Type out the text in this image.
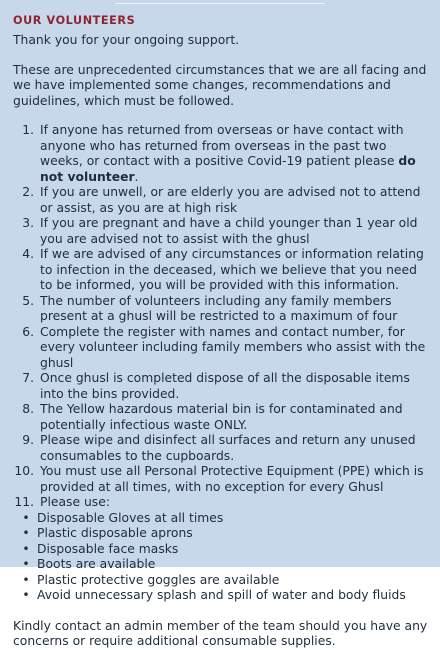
OUR VOLUNTEERS

Thank you for your ongoing support.

These are unprecedented circumstances that we are all facing and we have implemented some changes, recommendations and guidelines, which must be followed.

1. If anyone has returned from overseas or have contact with anyone who has returned from overseas in the past two weeks, or contact with a positive Covid-19 patient please do not volunteer.
2. If you are unwell, or are elderly you are advised not to attend or assist, as you are at high risk
3. If you are pregnant and have a child younger than 1 year old you are advised not to assist with the ghusl
4. If we are advised of any circumstances or information relating to infection in the deceased, which we believe that you need to be informed, you will be provided with this information.
5. The number of volunteers including any family members present at a ghusl will be restricted to a maximum of four
6. Complete the register with names and contact number, for every volunteer including family members who assist with the ghusl
7. Once ghusl is completed dispose of all the disposable items into the bins provided.
8. The Yellow hazardous material bin is for contaminated and potentially infectious waste ONLY.
9. Please wipe and disinfect all surfaces and return any unused consumables to the cupboards.
10. You must use all Personal Protective Equipment (PPE) which is provided at all times, with no exception for every Ghusl
11. Please use:
• Disposable Gloves at all times
• Plastic disposable aprons
• Disposable face masks
• Boots are available
• Plastic protective goggles are available
• Avoid unnecessary splash and spill of water and body fluids

Kindly contact an admin member of the team should you have any concerns or require additional consumable supplies.
